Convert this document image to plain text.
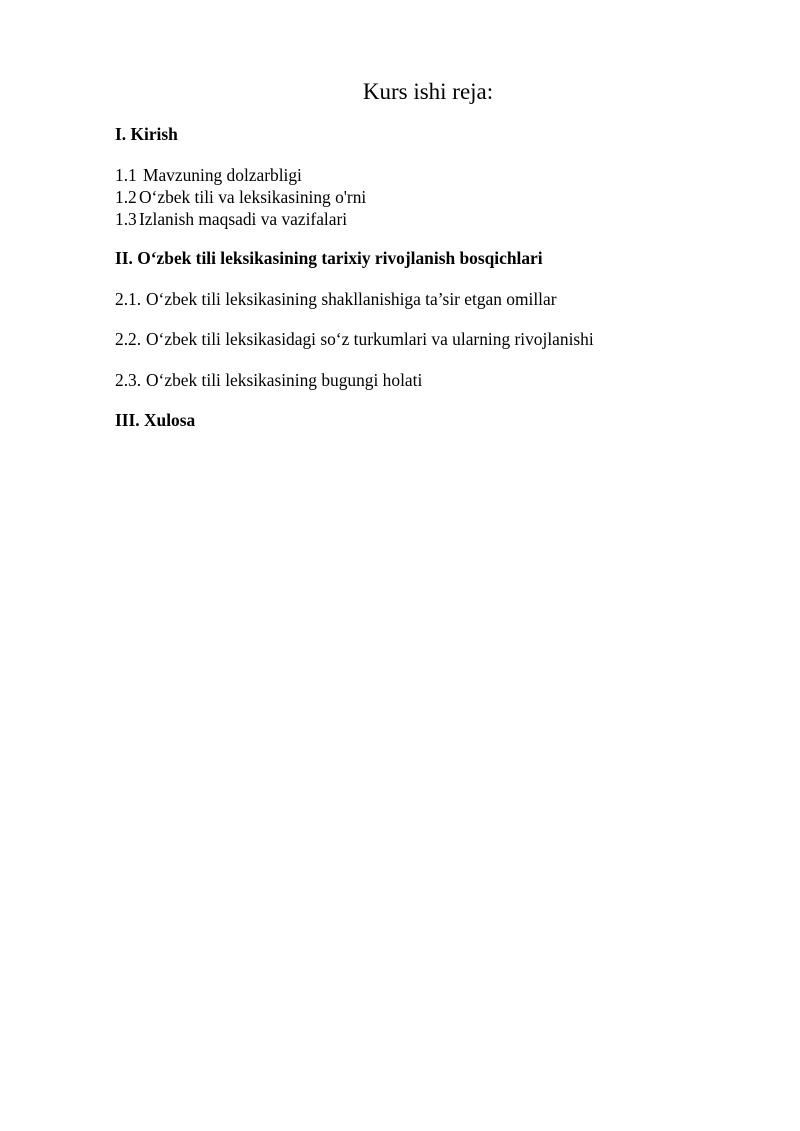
Kurs ishi reja:
I. Kirish
1.1 Mavzuning dolzarbligi
1.2 O‘zbek tili va leksikasining o'rni
1.3 Izlanish maqsadi va vazifalari
II. O‘zbek tili leksikasining tarixiy rivojlanish bosqichlari
2.1. O‘zbek tili leksikasining shakllanishiga ta’sir etgan omillar
2.2. O‘zbek tili leksikasidagi so‘z turkumlari va ularning rivojlanishi
2.3. O‘zbek tili leksikasining bugungi holati
III. Xulosa
